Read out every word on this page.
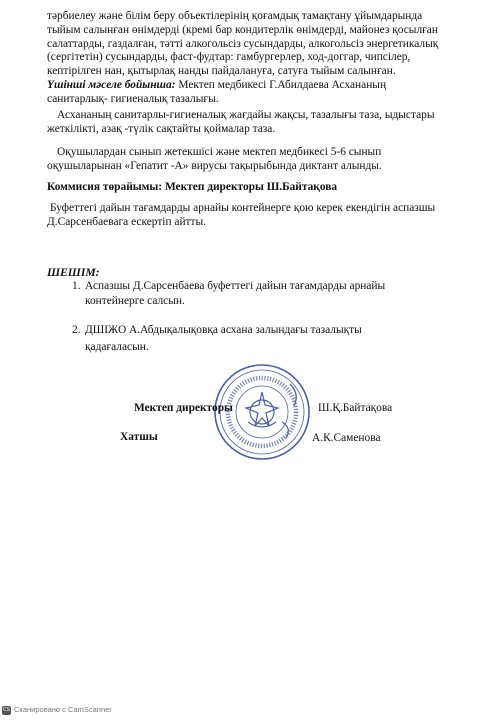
тәрбиелеу және білім беру объектілерінің қоғамдық тамақтану ұйымдарында
тыйым салынған өнімдерді (кремі бар кондитерлік өнімдерді, майонез қосылған
салаттарды, газдалған, тәтті алкогольсіз сусындарды, алкогольсіз энергетикалық
(сергітетін) сусындарды, фаст-фудтар: гамбургерлер, ход-доггар, чипсілер,
кептірілген нан, қытырлақ нанды пайдалануға, сатуға тыйым салынған.
Үшінші мәселе бойынша: Мектеп медбикесі Г.Абилдаева Асхананың
санитарлық- гигиеналық тазалығы.
Асхананың санитарлы-гигиеналық жағдайы жақсы, тазалығы таза, ыдыстары
жеткілікті, азақ -түлік сақтайты қоймалар таза.
Оқушылардан сынып жетекшісі және мектеп медбикесі 5-6 сынып
оқушыларынан «Гепатит -А» вирусы тақырыбында диктант алынды.
Коммисия төрайымы: Мектеп директоры Ш.Байтақова
Буфеттегі дайын тағамдарды арнайы контейнерге қою керек екендігін аспазшы
Д.Сарсенбаевага ескертіп айтты.
ШЕШІМ:
1. Аспазшы Д.Сарсенбаева буфеттегі дайын тағамдарды арнайы
контейнерге салсын.
2. ДШІЖО А.Абдықалықовқа асхана залындағы тазалықты
қадағаласын.
Мектеп директоры	Ш.Қ.Байтақова
Хатшы	А.К.Саменова
CS Сканировано с CamScanner
